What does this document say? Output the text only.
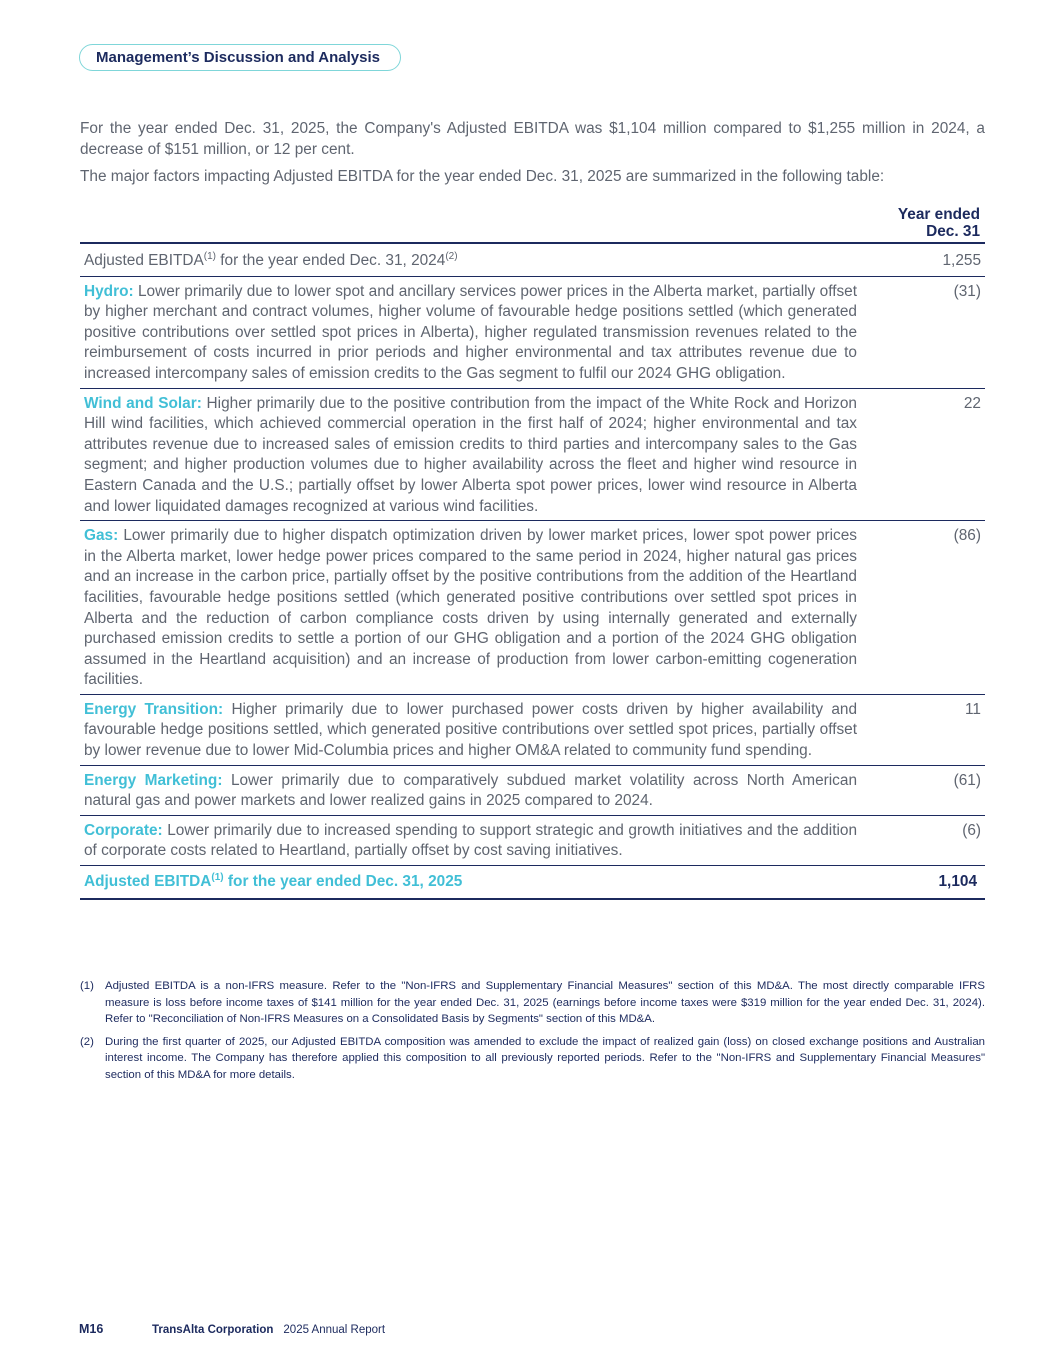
Management’s Discussion and Analysis

For the year ended Dec. 31, 2025, the Company's Adjusted EBITDA was $1,104 million compared to $1,255 million in 2024, a decrease of $151 million, or 12 per cent.

The major factors impacting Adjusted EBITDA for the year ended Dec. 31, 2025 are summarized in the following table:

	Year ended
Dec. 31
Adjusted EBITDA$^{(1)}$ for the year ended Dec. 31, 2024$^{(2)}$	1,255
Hydro: Lower primarily due to lower spot and ancillary services power prices in the Alberta market, partially offset by higher merchant and contract volumes, higher volume of favourable hedge positions settled (which generated positive contributions over settled spot prices in Alberta), higher regulated transmission revenues related to the reimbursement of costs incurred in prior periods and higher environmental and tax attributes revenue due to increased intercompany sales of emission credits to the Gas segment to fulfil our 2024 GHG obligation.	(31)
Wind and Solar: Higher primarily due to the positive contribution from the impact of the White Rock and Horizon Hill wind facilities, which achieved commercial operation in the first half of 2024; higher environmental and tax attributes revenue due to increased sales of emission credits to third parties and intercompany sales to the Gas segment; and higher production volumes due to higher availability across the fleet and higher wind resource in Eastern Canada and the U.S.; partially offset by lower Alberta spot power prices, lower wind resource in Alberta and lower liquidated damages recognized at various wind facilities.	22
Gas: Lower primarily due to higher dispatch optimization driven by lower market prices, lower spot power prices in the Alberta market, lower hedge power prices compared to the same period in 2024, higher natural gas prices and an increase in the carbon price, partially offset by the positive contributions from the addition of the Heartland facilities, favourable hedge positions settled (which generated positive contributions over settled spot prices in Alberta and the reduction of carbon compliance costs driven by using internally generated and externally purchased emission credits to settle a portion of our GHG obligation and a portion of the 2024 GHG obligation assumed in the Heartland acquisition) and an increase of production from lower carbon-emitting cogeneration facilities.	(86)
Energy Transition: Higher primarily due to lower purchased power costs driven by higher availability and favourable hedge positions settled, which generated positive contributions over settled spot prices, partially offset by lower revenue due to lower Mid-Columbia prices and higher OM&A related to community fund spending.	11
Energy Marketing: Lower primarily due to comparatively subdued market volatility across North American natural gas and power markets and lower realized gains in 2025 compared to 2024.	(61)
Corporate: Lower primarily due to increased spending to support strategic and growth initiatives and the addition of corporate costs related to Heartland, partially offset by cost saving initiatives.	(6)
Adjusted EBITDA$^{(1)}$ for the year ended Dec. 31, 2025	1,104
(1) Adjusted EBITDA is a non-IFRS measure. Refer to the "Non-IFRS and Supplementary Financial Measures" section of this MD&A. The most directly comparable IFRS measure is loss before income taxes of $141 million for the year ended Dec. 31, 2025 (earnings before income taxes were $319 million for the year ended Dec. 31, 2024). Refer to "Reconciliation of Non-IFRS Measures on a Consolidated Basis by Segments" section of this MD&A.
(2) During the first quarter of 2025, our Adjusted EBITDA composition was amended to exclude the impact of realized gain (loss) on closed exchange positions and Australian interest income. The Company has therefore applied this composition to all previously reported periods. Refer to the "Non-IFRS and Supplementary Financial Measures" section of this MD&A for more details.
M16	TransAlta Corporation 2025 Annual Report
